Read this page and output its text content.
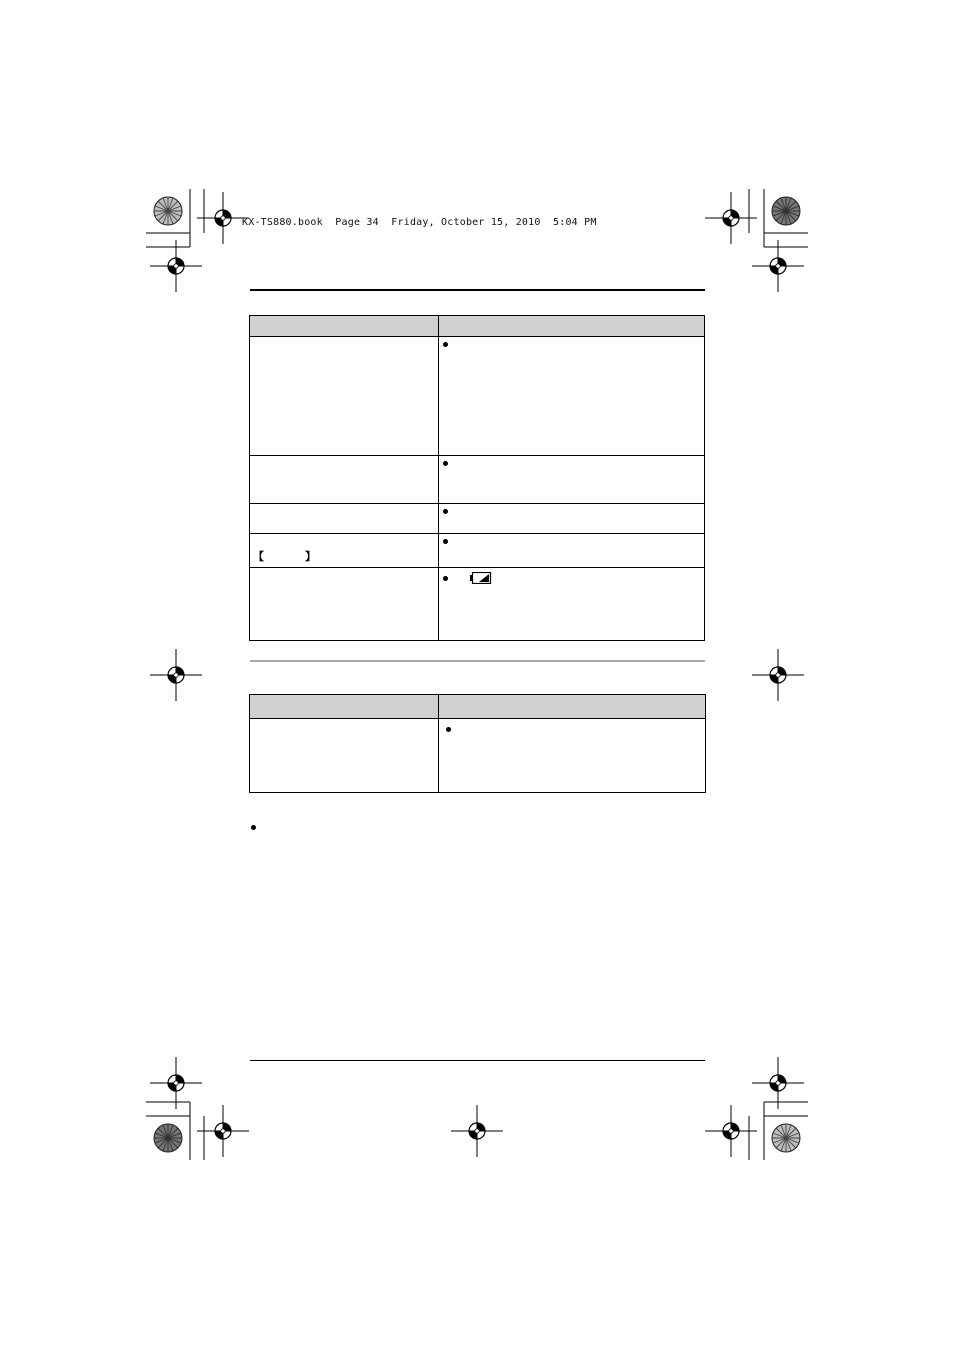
KX-TS880.book  Page 34  Friday, October 15, 2010  5:04 PM
【	】
